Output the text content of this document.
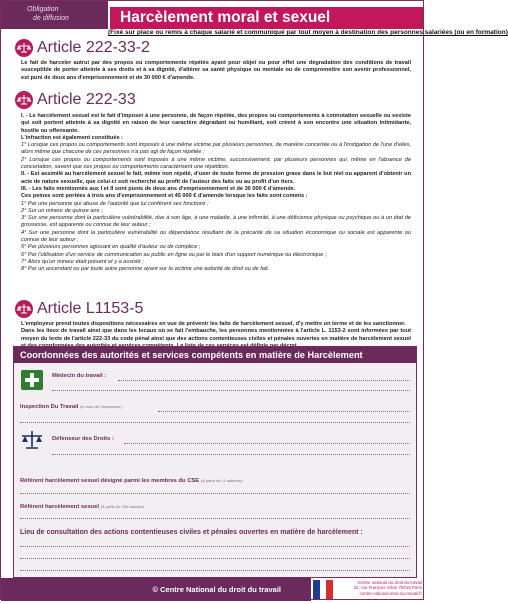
Obligation
de diffusion	Harcèlement moral et sexuel
(Fixé sur place ou remis à chaque salarié et communiqué par tout moyen à destination des personnes salariées (ou en formation)
Article 222-33-2

Le fait de harceler autrui par des propos ou comportements répétés ayant pour objet ou pour effet une dégradation des conditions de travail susceptible de porter atteinte à ses droits et à sa dignité, d'altérer sa santé physique ou mentale ou de compromettre son avenir professionnel, est puni de deux ans d'emprisonnement et de 30 000 € d'amende.

Article 222-33

I. - Le harcèlement sexuel est le fait d'imposer à une personne, de façon répétée, des propos ou comportements à connotation sexuelle ou sexiste qui soit portent atteinte à sa dignité en raison de leur caractère dégradant ou humiliant, soit créent à son encontre une situation intimidante, hostile ou offensante.

L'infraction est également constituée :

1° Lorsque ces propos ou comportements sont imposés à une même victime par plusieurs personnes, de manière concertée ou à l'instigation de l'une d'elles, alors même que chacune de ces personnes n'a pas agi de façon répétée ;

2° Lorsque ces propos ou comportements sont imposés à une même victime, successivement, par plusieurs personnes qui, même en l'absence de concertation, savent que ces propos ou comportements caractérisent une répétition.

II. - Est assimilé au harcèlement sexuel le fait, même non répété, d'user de toute forme de pression grave dans le but réel ou apparent d'obtenir un acte de nature sexuelle, que celui-ci soit recherché au profit de l'auteur des faits ou au profit d'un tiers.

III. - Les faits mentionnés aux I et II sont punis de deux ans d'emprisonnement et de 30 000 € d'amende.

Ces peines sont portées à trois ans d'emprisonnement et 45 000 € d'amende lorsque les faits sont commis :

1° Par une personne qui abuse de l'autorité que lui confèrent ses fonctions ;

2° Sur un mineur de quinze ans ;

3° Sur une personne dont la particulière vulnérabilité, due à son âge, à une maladie, à une infirmité, à une déficience physique ou psychique ou à un état de grossesse, est apparente ou connue de leur auteur ;

4° Sur une personne dont la particulière vulnérabilité ou dépendance résultant de la précarité de sa situation économique ou sociale est apparente ou connue de leur auteur ;

5° Par plusieurs personnes agissant en qualité d'auteur ou de complice ;

6° Par l'utilisation d'un service de communication au public en ligne ou par le biais d'un support numérique ou électronique ;

7° Alors qu'un mineur était présent et y a assisté ;

8° Par un ascendant ou par toute autre personne ayant sur la victime une autorité de droit ou de fait.

Article L1153-5

L'employeur prend toutes dispositions nécessaires en vue de prévenir les faits de harcèlement sexuel, d'y mettre un terme et de les sanctionner.

Dans les lieux de travail ainsi que dans les locaux où se fait l'embauche, les personnes mentionnées à l'article L. 1153-2 sont informées par tout moyen du texte de l'article 222-33 du code pénal ainsi que des actions contentieuses civiles et pénales ouvertes en matière de harcèlement sexuel

Coordonnées des autorités et services compétents en matière de Harcèlement
Médecin du travail :
Inspection Du Travail (et nom de l'inspecteur) :
Défenseur des Droits :
Référent harcèlement sexuel désigné parmi les membres du CSE (À partir de 11 salariés) :
Référent harcèlement sexuel (À partir de 250 salariés) :
Lieu de consultation des actions contentieuses civiles et pénales ouvertes en matière de harcèlement :
© Centre National du droit du travail
Centre national du droit du travail
22, rue François Villon 75015 Paris
centre-national-droit-du-travail.fr
